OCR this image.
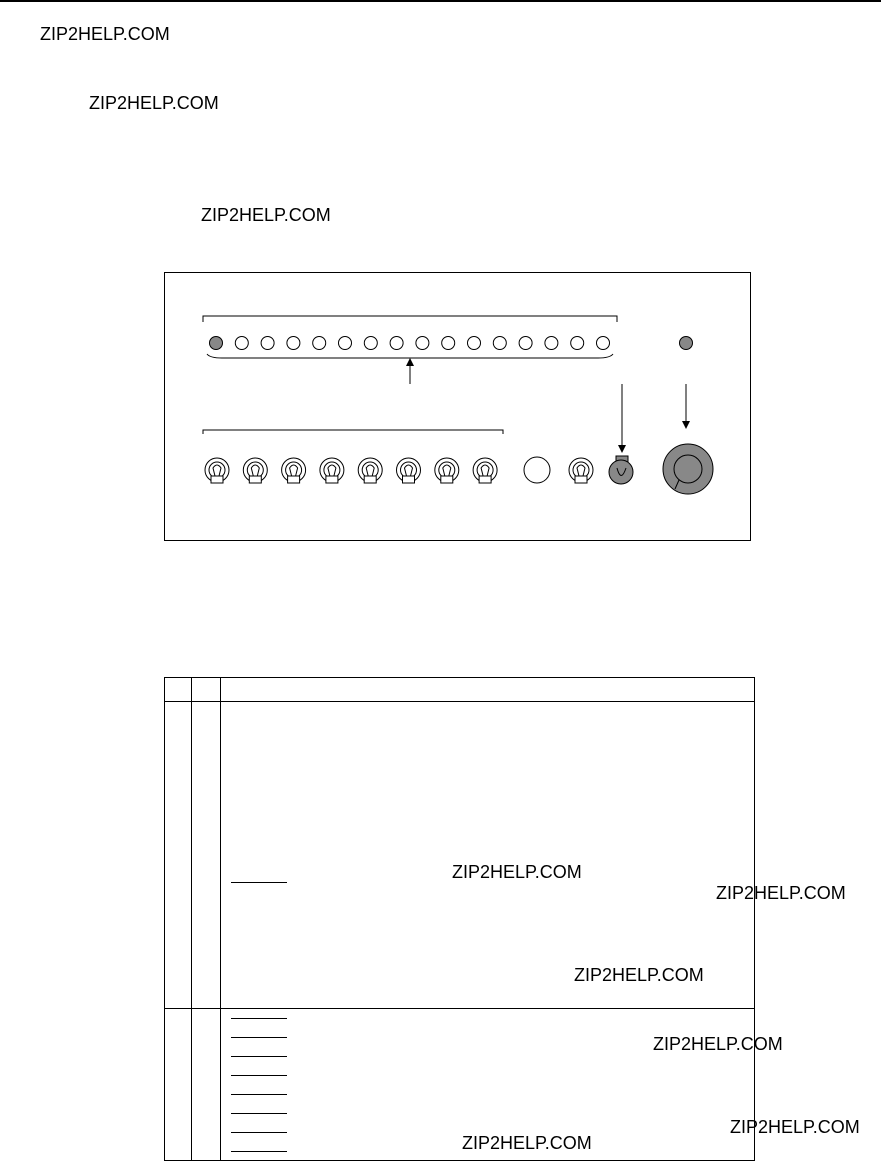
ZIP2HELP.COM
ZIP2HELP.COM
ZIP2HELP.COM
ZIP2HELP.COM
ZIP2HELP.COM
ZIP2HELP.COM
ZIP2HELP.COM
ZIP2HELP.COM
ZIP2HELP.COM
